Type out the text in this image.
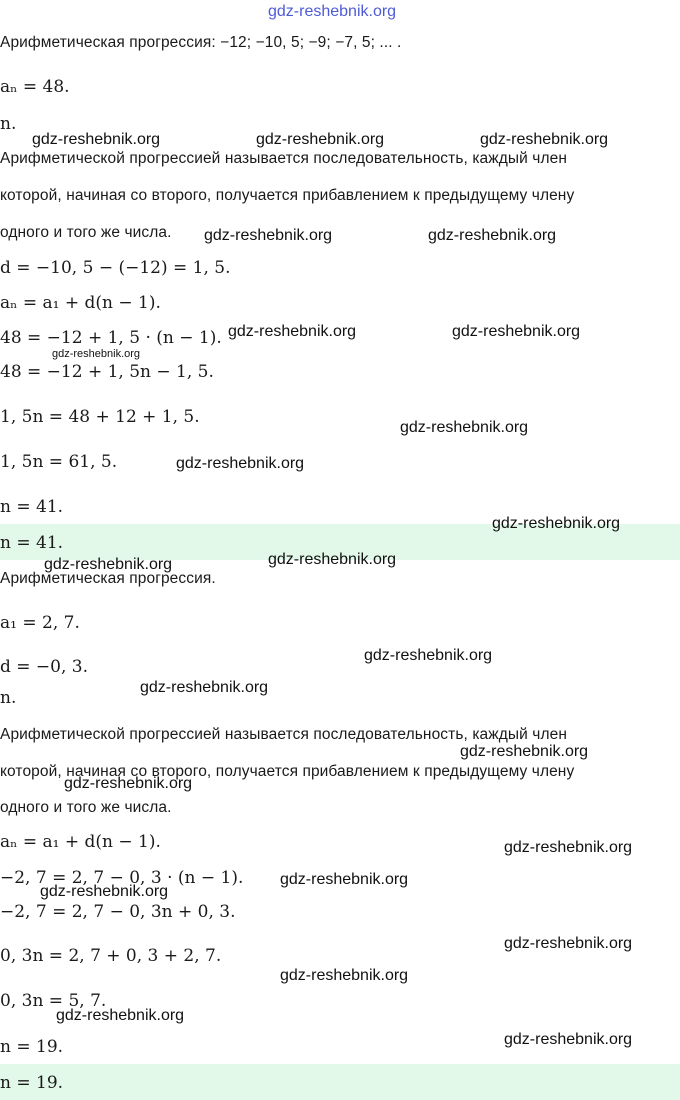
Арифметическая прогрессия: −12; −10, 5; −9; −7, 5; ... .
aₙ = 48.
n.
Арифметической прогрессией называется последовательность, каждый член
которой, начиная со второго, получается прибавлением к предыдущему члену
одного и того же числа.
d = −10, 5 − (−12) = 1, 5.
aₙ = a₁ + d(n − 1).
48 = −12 + 1, 5 · (n − 1).
48 = −12 + 1, 5n − 1, 5.
1, 5n = 48 + 12 + 1, 5.
1, 5n = 61, 5.
n = 41.
n = 41.
Арифметическая прогрессия.
a₁ = 2, 7.
d = −0, 3.
n.
Арифметической прогрессией называется последовательность, каждый член
которой, начиная со второго, получается прибавлением к предыдущему члену
одного и того же числа.
aₙ = a₁ + d(n − 1).
−2, 7 = 2, 7 − 0, 3 · (n − 1).
−2, 7 = 2, 7 − 0, 3n + 0, 3.
0, 3n = 2, 7 + 0, 3 + 2, 7.
0, 3n = 5, 7.
n = 19.
n = 19.
gdz-reshebnik.org
gdz-reshebnik.org	gdz-reshebnik.org	gdz-reshebnik.org
gdz-reshebnik.org	gdz-reshebnik.org
gdz-reshebnik.org	gdz-reshebnik.org
gdz-reshebnik.org
gdz-reshebnik.org
gdz-reshebnik.org
gdz-reshebnik.org
gdz-reshebnik.org
gdz-reshebnik.org
gdz-reshebnik.org
gdz-reshebnik.org
gdz-reshebnik.org
gdz-reshebnik.org
gdz-reshebnik.org
gdz-reshebnik.org
gdz-reshebnik.org
gdz-reshebnik.org
gdz-reshebnik.org
gdz-reshebnik.org
gdz-reshebnik.org
